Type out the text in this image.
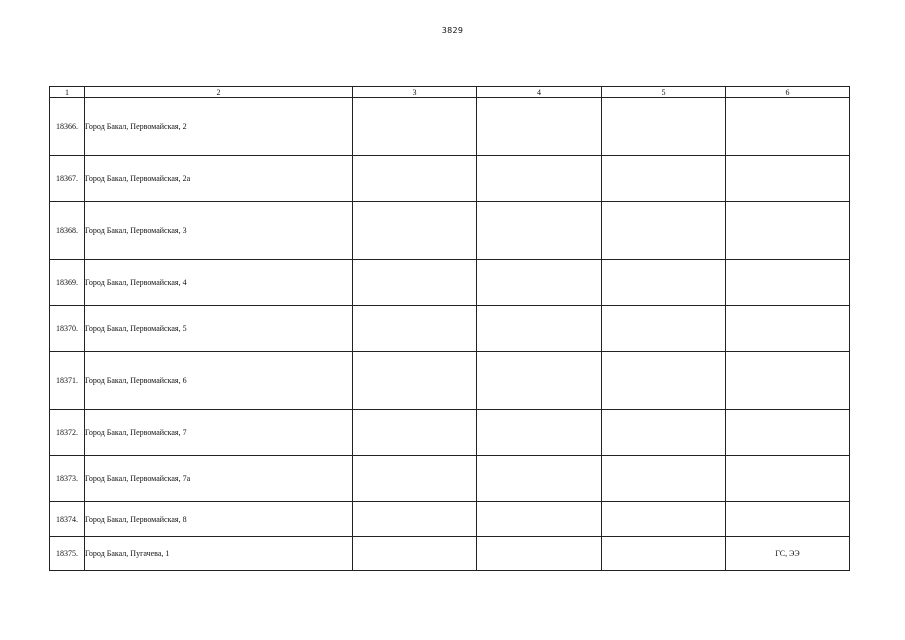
3829
1	2	3	4	5	6
18366.	Город Бакал, Первомайская, 2				
18367.	Город Бакал, Первомайская, 2а				
18368.	Город Бакал, Первомайская, 3				
18369.	Город Бакал, Первомайская, 4				
18370.	Город Бакал, Первомайская, 5				
18371.	Город Бакал, Первомайская, 6				
18372.	Город Бакал, Первомайская, 7				
18373.	Город Бакал, Первомайская, 7а				
18374.	Город Бакал, Первомайская, 8				
18375.	Город Бакал, Пугачева, 1				ГС, ЭЭ
